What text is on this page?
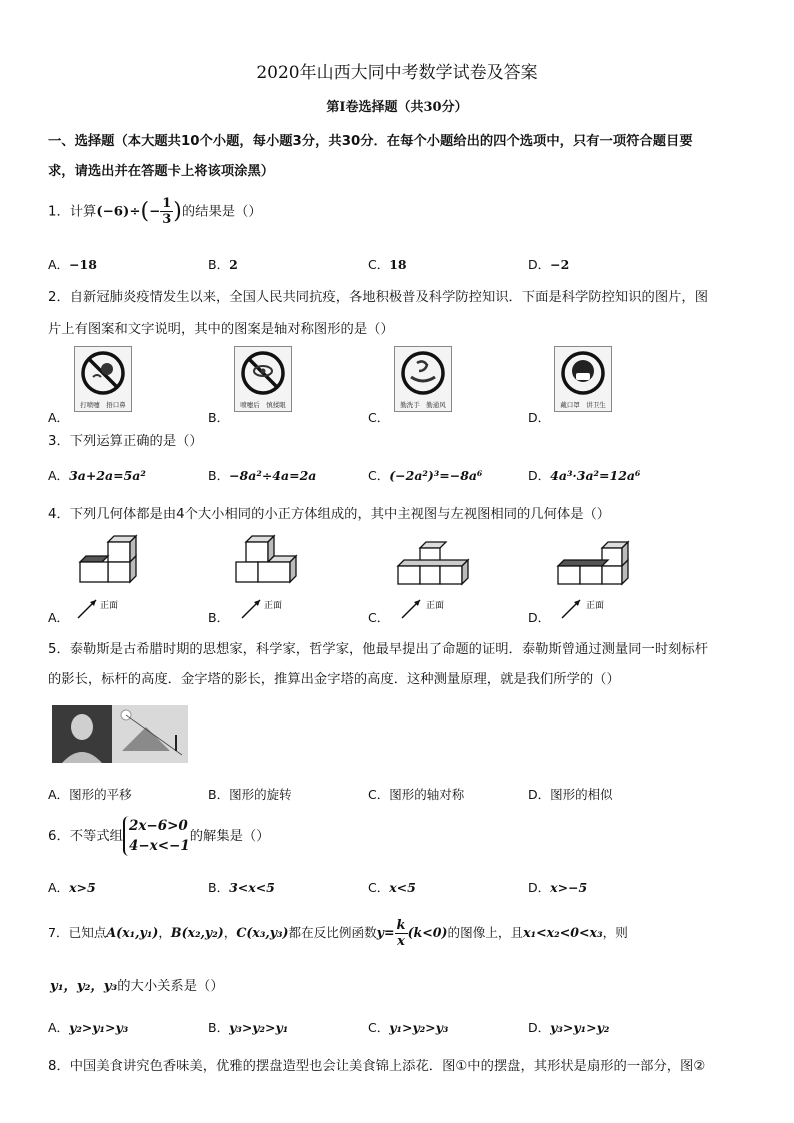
2020年山西大同中考数学试卷及答案
第Ⅰ卷选择题（共30分）
一、选择题（本大题共10个小题，每小题3分，共30分．在每个小题给出的四个选项中，只有一项符合题目要
求，请选出并在答题卡上将该项涂黑）
1．计算$(-6)\div(- \frac{1}{3}$ )的结果是（）
A．−18	B．2	C．18	D．−2
2．自新冠肺炎疫情发生以来，全国人民共同抗疫，各地积极普及科学防控知识．下面是科学防控知识的图片，图
片上有图案和文字说明，其中的图案是轴对称图形的是（）
A．
打喷嚏　捂口鼻
B．
喷嚏后　慎揉眼
C．
勤洗手　勤通风
D．
戴口罩　讲卫生
3．下列运算正确的是（）
A．3a+2a=5a²	B．−8a²÷4a=2a	C．(−2a²)³=−8a⁶	D．4a³·3a²=12a⁶
4．下列几何体都是由4个大小相同的小正方体组成的，其中主视图与左视图相同的几何体是（）
A．
正面
B．
正面
C．
正面
D．
正面
5．泰勒斯是古希腊时期的思想家，科学家，哲学家，他最早提出了命题的证明．泰勒斯曾通过测量同一时刻标杆
的影长，标杆的高度．金字塔的影长，推算出金字塔的高度．这种测量原理，就是我们所学的（）
A．图形的平移	B．图形的旋转	C．图形的轴对称	D．图形的相似
6．不等式组
2x−6>0
4−x<−1
的解集是（）
A．x>5	B．3<x<5	C．x<5	D．x>−5
7．已知点A(x₁,y₁)，B(x₂,y₂)，C(x₃,y₃)都在反比例函数$y= \frac{k}{x} (k<0)$的图像上，且x₁<x₂<0<x₃，则
y₁，y₂，y₃的大小关系是（）
A．y₂>y₁>y₃	B．y₃>y₂>y₁	C．y₁>y₂>y₃	D．y₃>y₁>y₂
8．中国美食讲究色香味美，优雅的摆盘造型也会让美食锦上添花．图①中的摆盘，其形状是扇形的一部分，图②
